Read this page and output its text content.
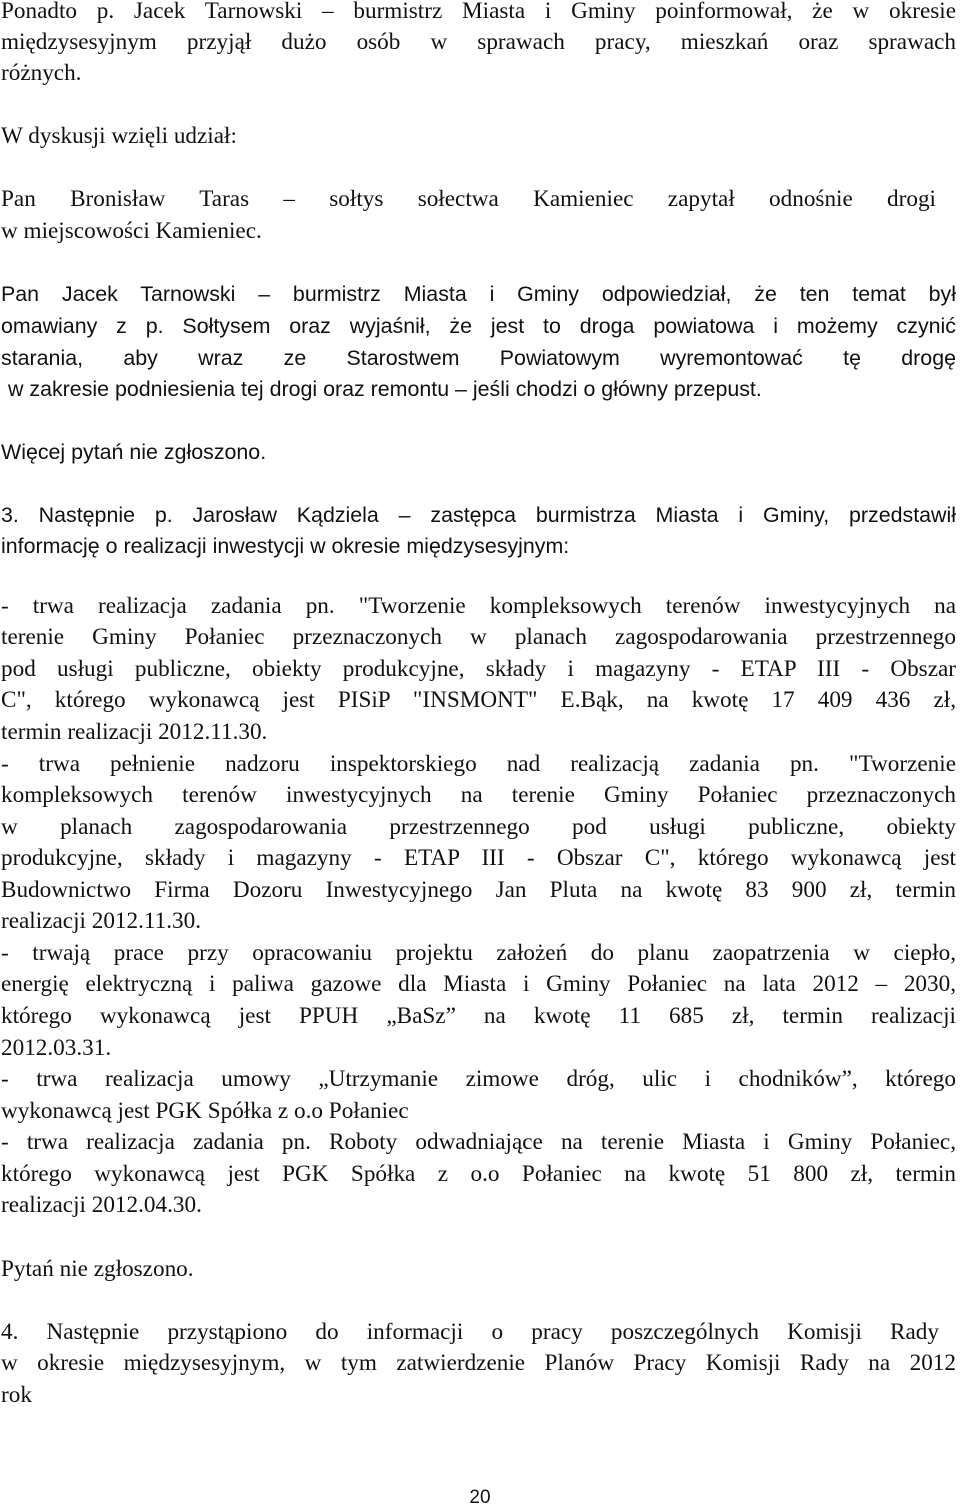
Ponadto p. Jacek Tarnowski – burmistrz Miasta i Gminy poinformował, że w okresie
międzysesyjnym przyjął dużo osób w sprawach pracy, mieszkań oraz sprawach
różnych.
W dyskusji wzięli udział:
Pan Bronisław Taras – sołtys sołectwa Kamieniec zapytał odnośnie drogi
w miejscowości Kamieniec.
Pan Jacek Tarnowski – burmistrz Miasta i Gminy odpowiedział, że ten temat był
omawiany z p. Sołtysem oraz wyjaśnił, że jest to droga powiatowa i możemy czynić
starania, aby wraz ze Starostwem Powiatowym wyremontować tę drogę
w zakresie podniesienia tej drogi oraz remontu – jeśli chodzi o główny przepust.
Więcej pytań nie zgłoszono.
3. Następnie p. Jarosław Kądziela – zastępca burmistrza Miasta i Gminy, przedstawił
informację o realizacji inwestycji w okresie międzysesyjnym:
- trwa realizacja zadania pn. "Tworzenie kompleksowych terenów inwestycyjnych na
terenie Gminy Połaniec przeznaczonych w planach zagospodarowania przestrzennego
pod usługi publiczne, obiekty produkcyjne, składy i magazyny - ETAP III - Obszar
C", którego wykonawcą jest PISiP "INSMONT" E.Bąk, na kwotę 17 409 436 zł,
termin realizacji 2012.11.30.
- trwa pełnienie nadzoru inspektorskiego nad realizacją zadania pn. "Tworzenie
kompleksowych terenów inwestycyjnych na terenie Gminy Połaniec przeznaczonych
w planach zagospodarowania przestrzennego pod usługi publiczne, obiekty
produkcyjne, składy i magazyny - ETAP III - Obszar C", którego wykonawcą jest
Budownictwo Firma Dozoru Inwestycyjnego Jan Pluta na kwotę 83 900 zł, termin
realizacji 2012.11.30.
- trwają prace przy opracowaniu projektu założeń do planu zaopatrzenia w ciepło,
energię elektryczną i paliwa gazowe dla Miasta i Gminy Połaniec na lata 2012 – 2030,
którego wykonawcą jest PPUH „BaSz” na kwotę 11 685 zł, termin realizacji
2012.03.31.
- trwa realizacja umowy „Utrzymanie zimowe dróg, ulic i chodników”, którego
wykonawcą jest PGK Spółka z o.o Połaniec
- trwa realizacja zadania pn. Roboty odwadniające na terenie Miasta i Gminy Połaniec,
którego wykonawcą jest PGK Spółka z o.o Połaniec na kwotę 51 800 zł, termin
realizacji 2012.04.30.
Pytań nie zgłoszono.
4. Następnie przystąpiono do informacji o pracy poszczególnych Komisji Rady
w okresie międzysesyjnym, w tym zatwierdzenie Planów Pracy Komisji Rady na 2012
rok
20
